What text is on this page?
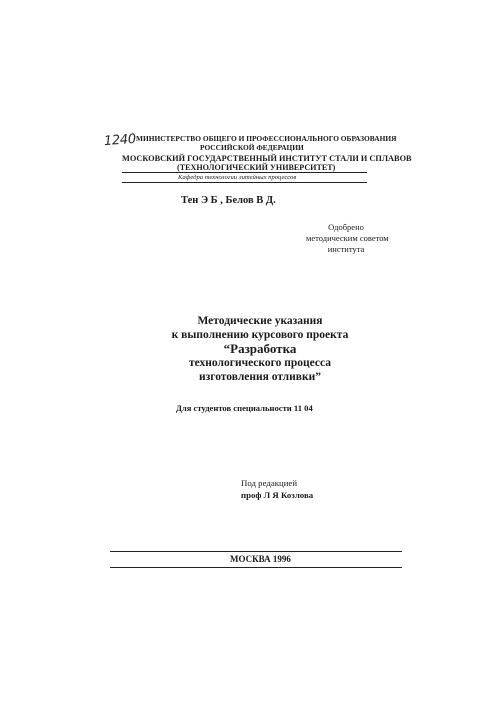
1240 МИНИСТЕРСТВО ОБЩЕГО И ПРОФЕССИОНАЛЬНОГО ОБРАЗОВАНИЯ
РОССИЙСКОЙ ФЕДЕРАЦИИ
МОСКОВСКИЙ ГОСУДАРСТВЕННЫЙ ИНСТИТУТ СТАЛИ И СПЛАВОВ
(ТЕХНОЛОГИЧЕСКИЙ УНИВЕРСИТЕТ)
Кафедра технологии литейных процессов
Тен Э Б , Белов В Д.
Одобрено
методическим советом
института
Методические указания
к выполнению курсового проекта
“Разработка
технологического процесса
изготовления отливки”
Для студентов специальности 11 04
Под редакцией
проф Л Я Козлова
МОСКВА 1996
